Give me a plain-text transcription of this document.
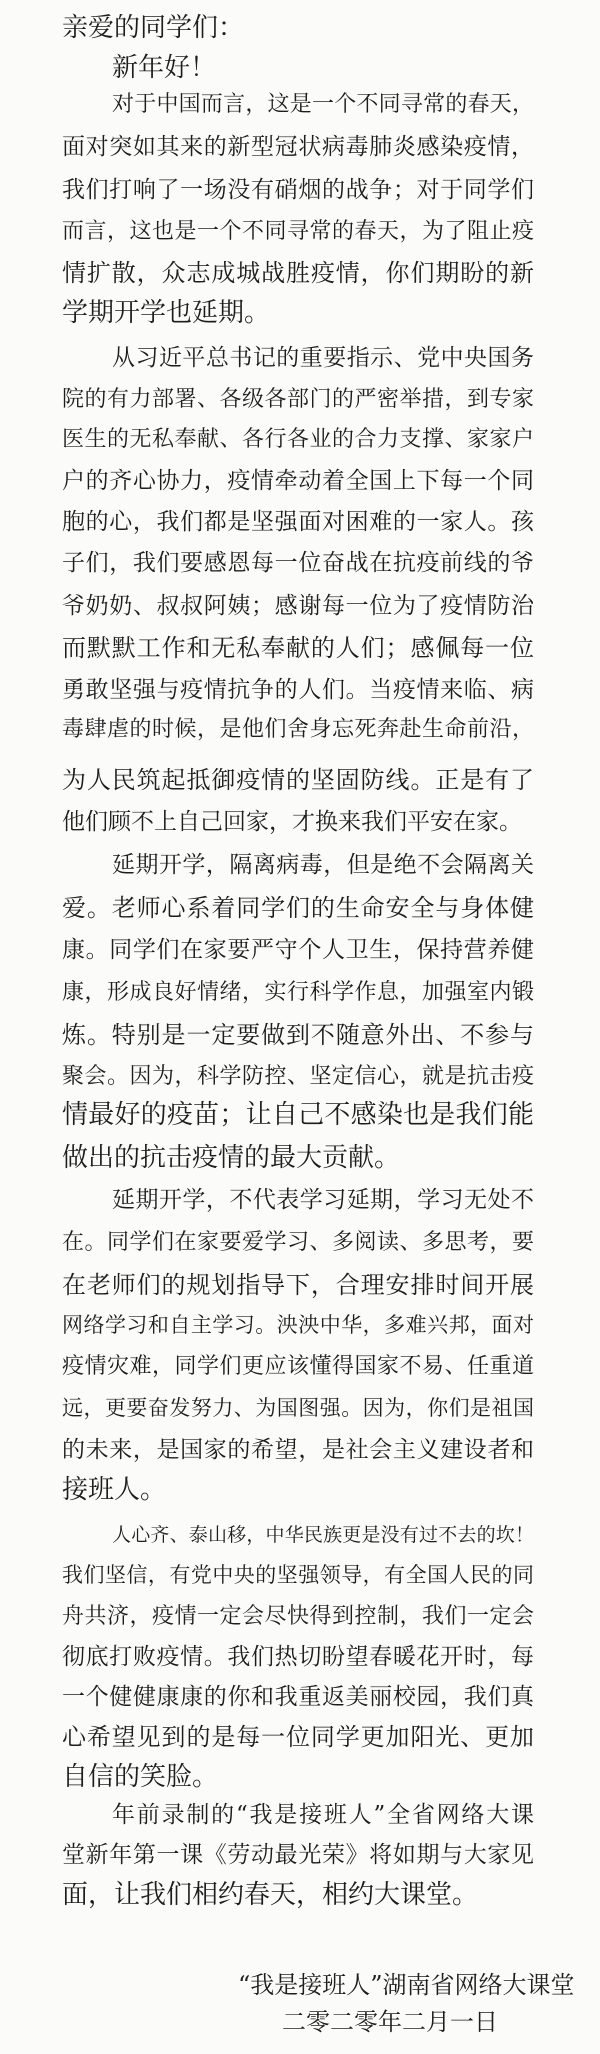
亲爱的同学们：
新年好！
对于中国而言，这是一个不同寻常的春天，
面对突如其来的新型冠状病毒肺炎感染疫情，
我们打响了一场没有硝烟的战争；对于同学们
而言，这也是一个不同寻常的春天，为了阻止疫
情扩散，众志成城战胜疫情，你们期盼的新
学期开学也延期。
从习近平总书记的重要指示、党中央国务
院的有力部署、各级各部门的严密举措，到专家
医生的无私奉献、各行各业的合力支撑、家家户
户的齐心协力，疫情牵动着全国上下每一个同
胞的心，我们都是坚强面对困难的一家人。孩
子们，我们要感恩每一位奋战在抗疫前线的爷
爷奶奶、叔叔阿姨；感谢每一位为了疫情防治
而默默工作和无私奉献的人们；感佩每一位
勇敢坚强与疫情抗争的人们。当疫情来临、病
毒肆虐的时候，是他们舍身忘死奔赴生命前沿，
为人民筑起抵御疫情的坚固防线。正是有了
他们顾不上自己回家，才换来我们平安在家。
延期开学，隔离病毒，但是绝不会隔离关
爱。老师心系着同学们的生命安全与身体健
康。同学们在家要严守个人卫生，保持营养健
康，形成良好情绪，实行科学作息，加强室内锻
炼。特别是一定要做到不随意外出、不参与
聚会。因为，科学防控、坚定信心，就是抗击疫
情最好的疫苗；让自己不感染也是我们能
做出的抗击疫情的最大贡献。
延期开学，不代表学习延期，学习无处不
在。同学们在家要爱学习、多阅读、多思考，要
在老师们的规划指导下，合理安排时间开展
网络学习和自主学习。泱泱中华，多难兴邦，面对
疫情灾难，同学们更应该懂得国家不易、任重道
远，更要奋发努力、为国图强。因为，你们是祖国
的未来，是国家的希望，是社会主义建设者和
接班人。
人心齐、泰山移，中华民族更是没有过不去的坎！
我们坚信，有党中央的坚强领导，有全国人民的同
舟共济，疫情一定会尽快得到控制，我们一定会
彻底打败疫情。我们热切盼望春暖花开时，每
一个健健康康的你和我重返美丽校园，我们真
心希望见到的是每一位同学更加阳光、更加
自信的笑脸。
年前录制的“我是接班人”全省网络大课
堂新年第一课《劳动最光荣》将如期与大家见
面，让我们相约春天，相约大课堂。
“我是接班人”湖南省网络大课堂
二零二零年二月一日
